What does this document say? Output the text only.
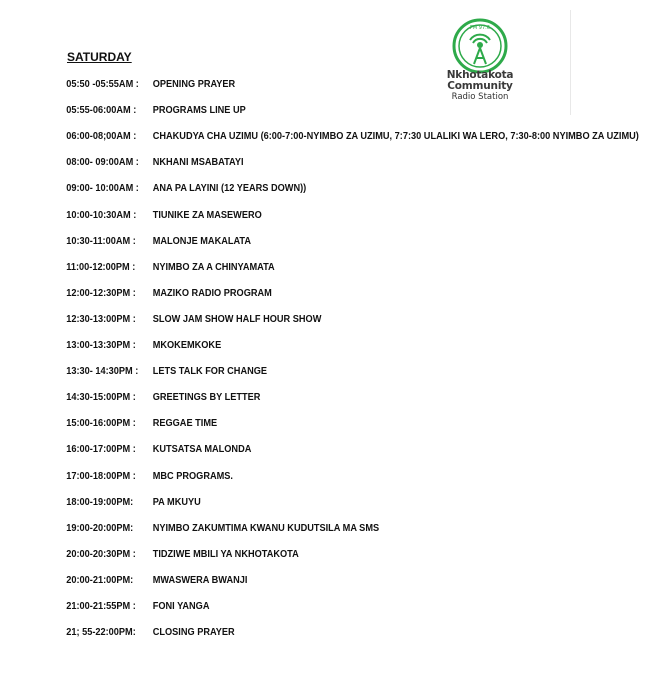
FM 97.6
Nkhotakota
Community
Radio Station
SATURDAY
05:50 -05:55AM : OPENING PRAYER
05:55-06:00AM : PROGRAMS LINE UP
06:00-08;00AM : CHAKUDYA CHA UZIMU (6:00-7:00-NYIMBO ZA UZIMU, 7:7:30 ULALIKI WA LERO, 7:30-8:00 NYIMBO ZA UZIMU)
08:00- 09:00AM : NKHANI MSABATAYI
09:00- 10:00AM : ANA PA LAYINI (12 YEARS DOWN))
10:00-10:30AM : TIUNIKE ZA MASEWERO
10:30-11:00AM : MALONJE MAKALATA
11:00-12:00PM : NYIMBO ZA A CHINYAMATA
12:00-12:30PM : MAZIKO RADIO PROGRAM
12:30-13:00PM : SLOW JAM SHOW HALF HOUR SHOW
13:00-13:30PM : MKOKEMKOKE
13:30- 14:30PM : LETS TALK FOR CHANGE
14:30-15:00PM : GREETINGS BY LETTER
15:00-16:00PM : REGGAE TIME
16:00-17:00PM : KUTSATSA MALONDA
17:00-18:00PM : MBC PROGRAMS.
18:00-19:00PM: PA MKUYU
19:00-20:00PM: NYIMBO ZAKUMTIMA KWANU KUDUTSILA MA SMS
20:00-20:30PM : TIDZIWE MBILI YA NKHOTAKOTA
20:00-21:00PM: MWASWERA BWANJI
21:00-21:55PM : FONI YANGA
21; 55-22:00PM: CLOSING PRAYER
